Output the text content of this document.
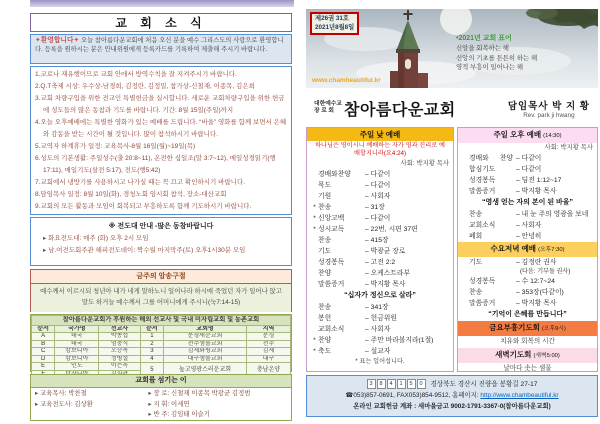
교 회 소 식
✦환영합니다✦ 오늘 참아름다운교회에 처음 오신 분을 예수 그리스도의 사랑으로 환영합니다. 등록을 원하시는 분은 안내위원에게 등록카드를 기록하여 제출해 주시기 바랍니다.
1.코로나 재유행이므로 교회 안에서 방역수칙을 잘 지켜주시기 바랍니다.
2.Q.T축제 시상: 우수상-남경희, 김정란, 김정밀, 참가상-신철재, 이종목, 김은희
3.교회 차량구입을 위한 전교인 특별헌금을 실시합니다. 새로운 교회차량구입을 위한 헌금에 성도들의 많은 동참과 기도를 바랍니다. 기간: 8월 15일(주일)까지
4.오늘 오후예배에는 특별한 영화가 있는 예배를 드립니다. “바울” 영화를 함께 보면서 은혜와 감동을 받는 시간이 될 것입니다. 많이 참석하시기 바랍니다.
5.교역자 하계휴가 일정: 교육목사-8월 16일(월)~19일(목)
6.성도의 기본생활: 주일성수(출 20:8~11), 온전한 십일조(말 3:7~12), 매일성경읽기(행 17:11), 매일기도(살전 5:17), 전도(행5:42)
7.교회에서 냉방기를 사용하시고 나가실 때는 꼭 끄고 확인하시기 바랍니다.
8.담임목사 일정: 8월 10일(화), 경청노회 임시회 참석, 장소-대산교회
9.교회의 모든 활동과 모임이 회복되고 부흥하도록 함께 기도하시기 바랍니다.
※ 전도대 안내 -많은 동참바랍니다
▸ 화요전도대: 매주 (화) 오후 2시 모임
▸ 남.여전도회주관 해피전도데이: 짝수월 마지막주(토) 오후1시30분 모임
금주의 암송구절
예수께서 이르시되 청년아 내가 네게 말하노니 일어나라 하시매 죽었던 자가 일어나 앉고 말도 하거늘 예수께서 그를 어머니에게 주시니(눅7:14-15)
참아름다운교회가 후원하는 해외 선교사 및 국내 미자립교회 및 농촌교회					
순서	국가명	선교사	순서	교회명	지역
A	태국	박종섭	1	문경새순교회	문경
B	태국	엄충식	2	전주샘물교회	전주
C	캄보디아	오승목	3	김제화평교회	김제
D	캄보디아	정병설	4	대구샘물교회	대구
E	인도	이은옥	5	높고영광스러운교회	충남온양

교회를 섬기는 이
▸ 교육목사: 박찬철
▸ 교육전도사: 김상환
▸ 장 로: 신철재 이종목 박광균 김정범
▸ 지 휘: 이세연
▸ 반 주: 김임태 이슬기
제26권 31호
2021년8월8일
•2021년 교회 표어
신앙을 회복하는 해
신앙의 기초를 튼튼히 하는 해
영적 부흥이 일어나는 해
www.chambeautiful.kr
대한예수교
장 로 회 참아름다운교회	담임목사 박 지 황
Rev. park ji hwang
주일 낮 예배
하나님은 영이시니 예배하는 자가 영과 진리로 예배할지니라(요4:24)
사회: 박지황 목사
경배와찬양	– 다같이
묵도	– 다같이
기원	– 사회자
* 찬송	– 31장
* 신앙고백	– 다같이
* 성시교독	– 22번, 시편 37편
찬송	– 415장
기도	– 박광균 장로
성경봉독	– 고전 2:2
찬양	– 오케스트라부
말씀증거	– 박지황 목사
“십자가 정신으로 살라”
찬송	– 341장
봉헌	– 헌금위원
교회소식	– 사회자
* 찬양	– 주만 바라볼지라(1절)
* 축도	– 설교자
* 표는 일어섭니다.
주일 오후 예배 (14:30)
사회: 박지황 목사
경배와 찬양	– 다같이
합심기도	– 다같이
성경봉독	– 딤전 1:12~17
말씀증거	– 박지황 목사
“영생 얻는 자의 본이 된 바울”
찬송	– 내 눈 주의 영광을 보네
교회소식	– 사회자
폐회	– 안녕히
수요저녁 예배 (오후7:30)
기도	– 김정란 권사
(다음: 기부돌 권사)
성경봉독	– 수 12:7~24
찬송	– 353장(다같이)
말씀증거	– 박지황 목사
“기억이 은혜를 만듭니다”
금요부흥기도회 (오후9시)
치유와 회복의 시간
새벽기도회 (새벽5:00)
날마다 솟는 샘물
3	8	4	1	5	0	경상북도 경산시 진량읍 봉황길 27-17
☎053)857-0691, FAX053)854-9512, 홈페이지: http://www.chambeautiful.kr
온라인 교회헌금 계좌 : 새마을금고 9002-1791-3367-0(참아름다운교회)
